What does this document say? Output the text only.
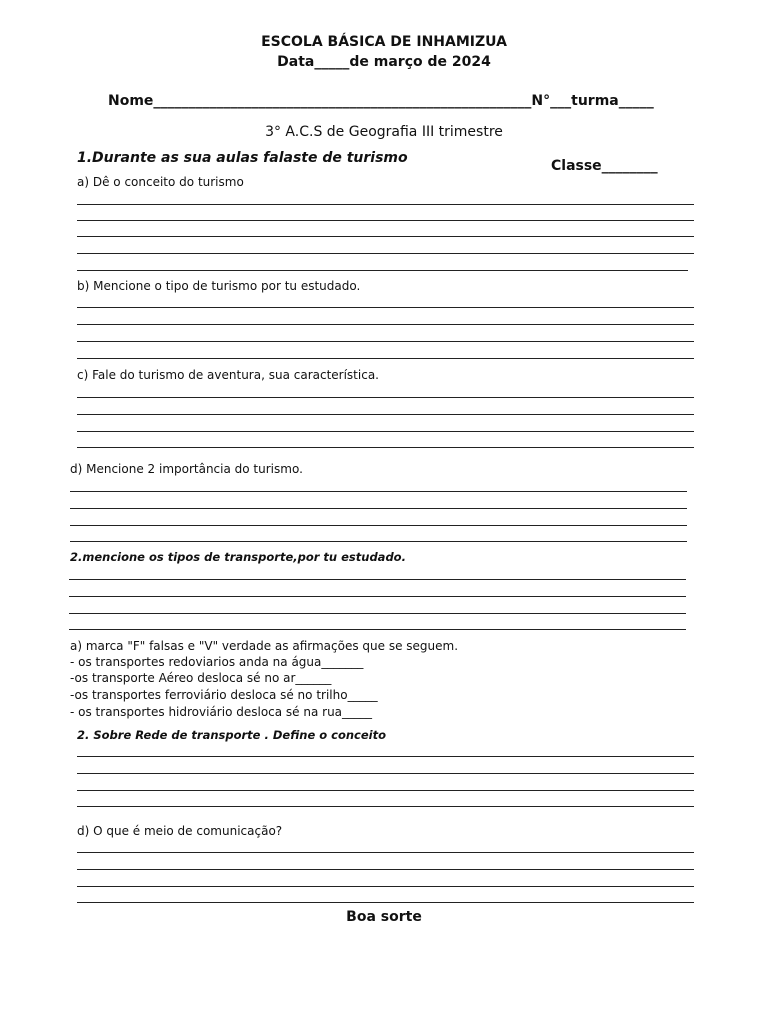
ESCOLA BÁSICA DE INHAMIZUA
Data_____de março de 2024
Nome______________________________________________________N°___turma_____
3° A.C.S de Geografia III trimestre
Classe________
1.Durante as sua aulas falaste de turismo
a) Dê o conceito do turismo
b) Mencione o tipo de turismo por tu estudado.
c) Fale do turismo de aventura, sua característica.
d) Mencione 2 importância do turismo.
2.mencione os tipos de transporte,por tu estudado.
a) marca "F" falsas e "V" verdade as afirmações que se seguem.
- os transportes redoviarios anda na água_______
-os transporte Aéreo desloca sé no ar______
-os transportes ferroviário desloca sé no trilho_____
- os transportes hidroviário desloca sé na rua_____
2. Sobre Rede de transporte . Define o conceito
d) O que é meio de comunicação?
Boa sorte
